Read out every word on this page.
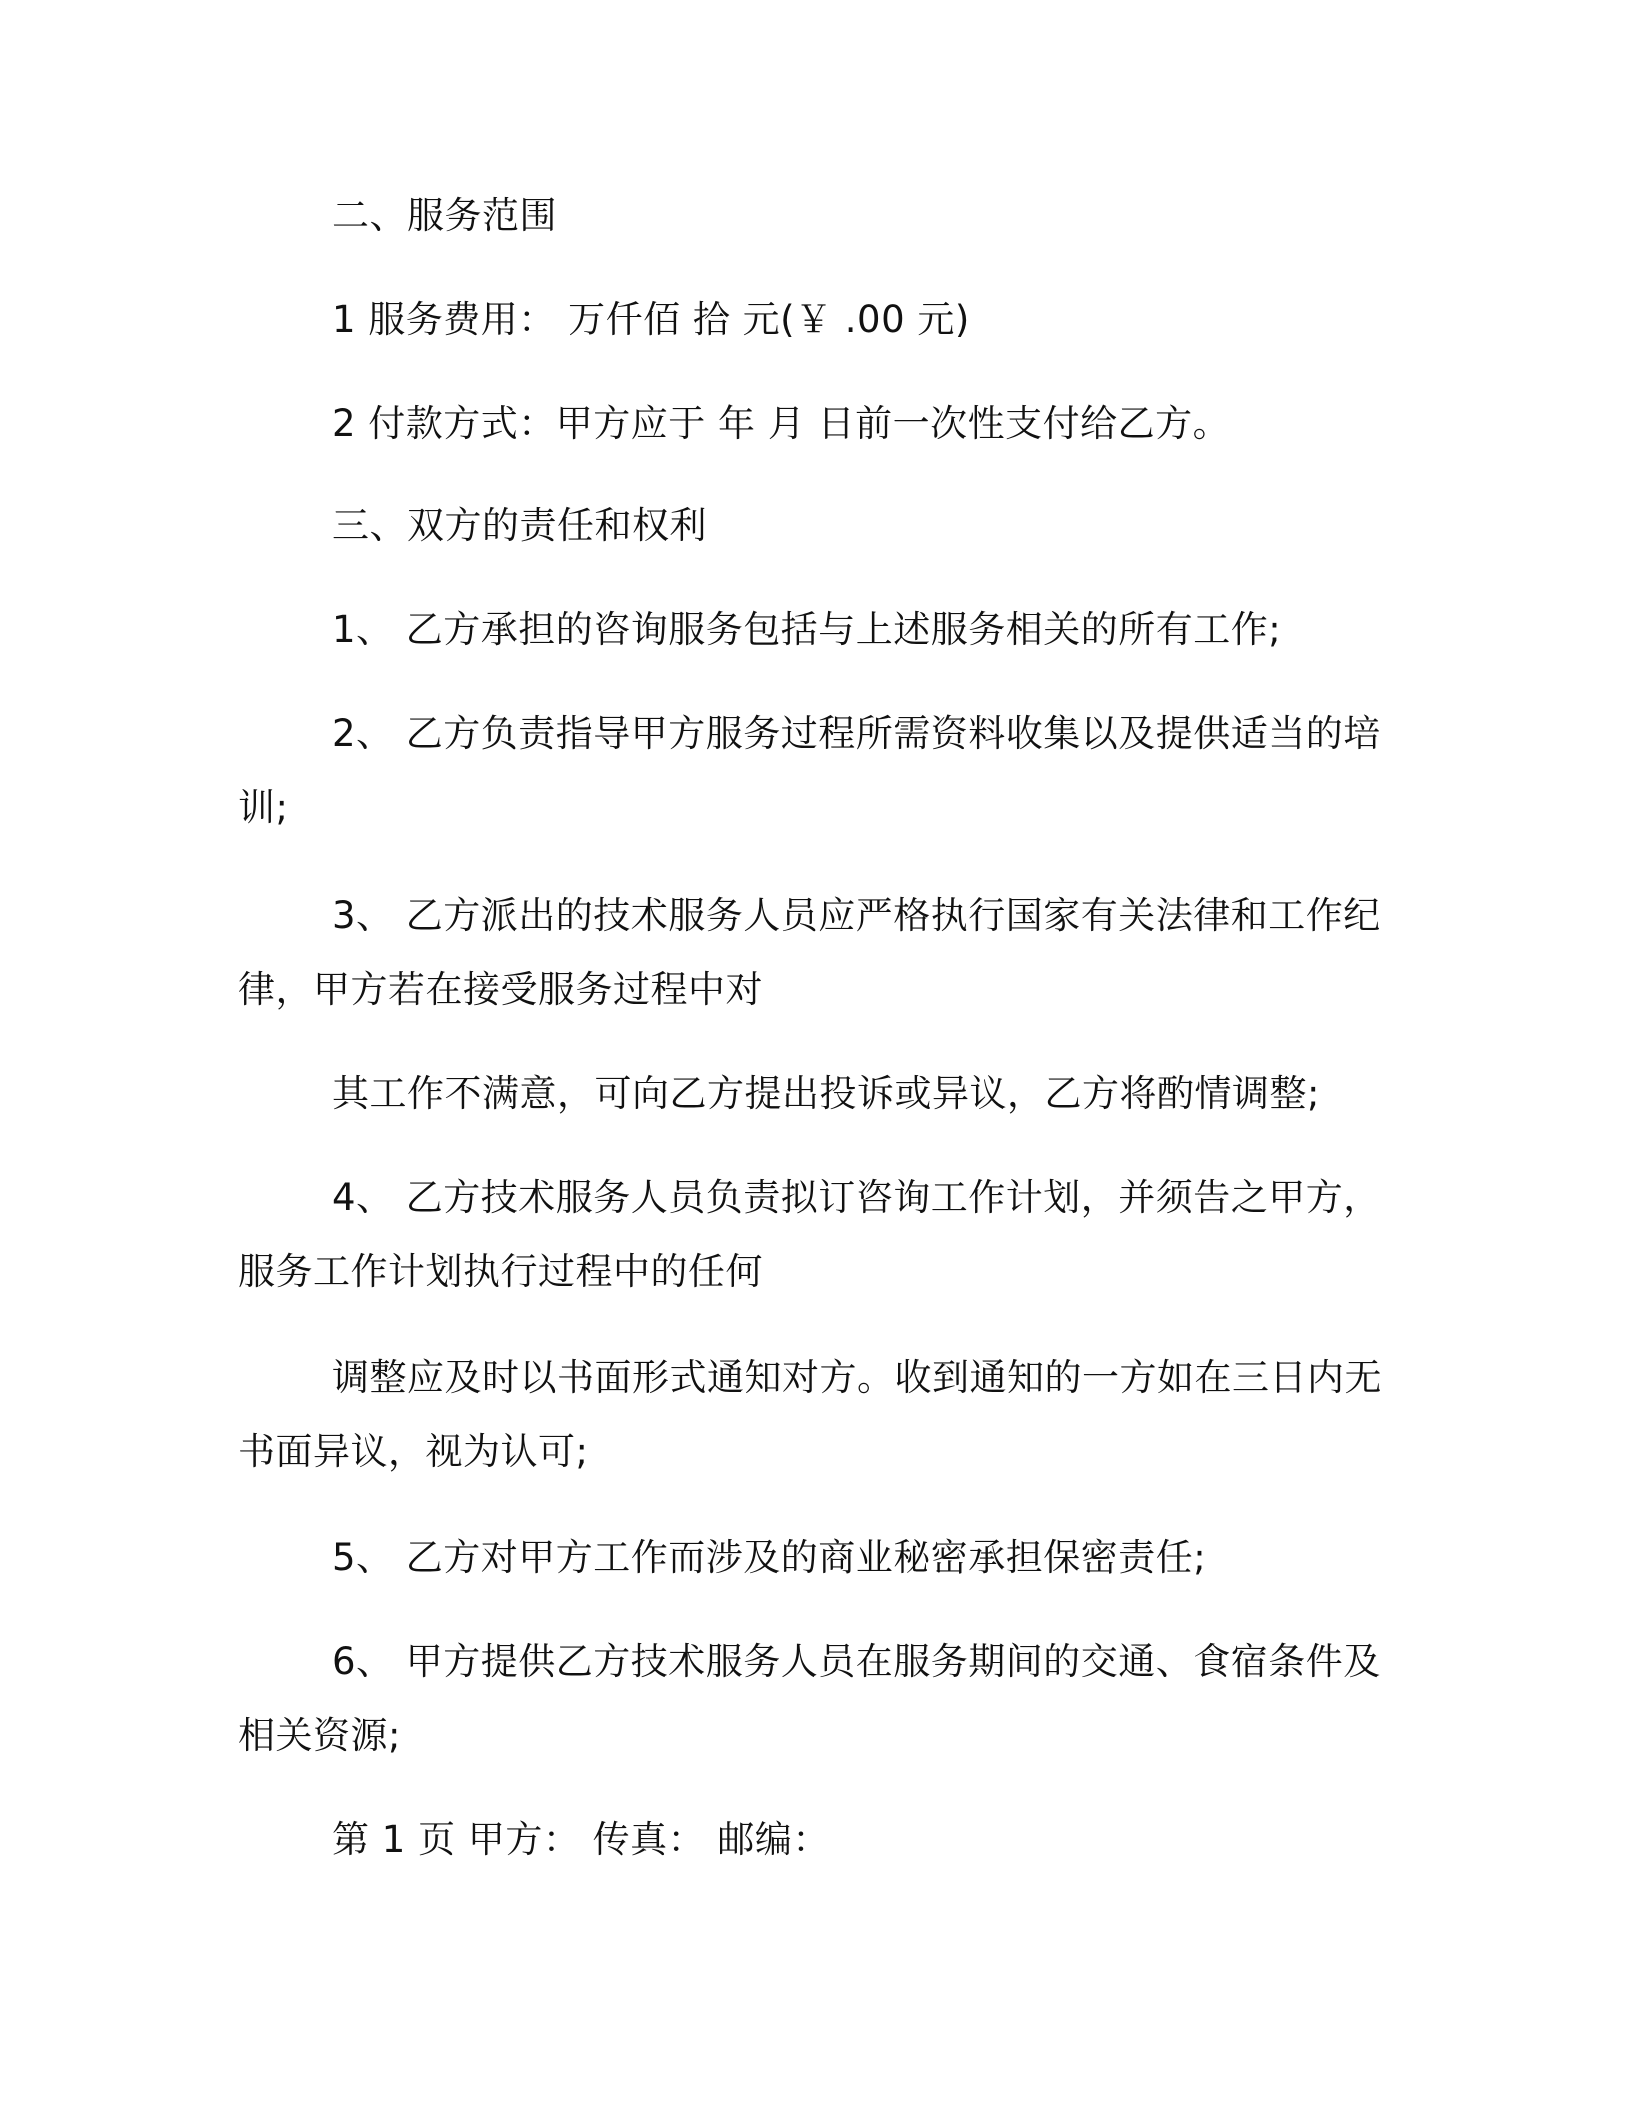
二、服务范围
1 服务费用： 万仟佰 拾 元(￥ .00 元)
2 付款方式：甲方应于 年 月 日前一次性支付给乙方。
三、双方的责任和权利
1、 乙方承担的咨询服务包括与上述服务相关的所有工作;
2、 乙方负责指导甲方服务过程所需资料收集以及提供适当的培
训;
3、 乙方派出的技术服务人员应严格执行国家有关法律和工作纪
律，甲方若在接受服务过程中对
其工作不满意，可向乙方提出投诉或异议，乙方将酌情调整;
4、 乙方技术服务人员负责拟订咨询工作计划，并须告之甲方，
服务工作计划执行过程中的任何
调整应及时以书面形式通知对方。收到通知的一方如在三日内无
书面异议，视为认可;
5、 乙方对甲方工作而涉及的商业秘密承担保密责任;
6、 甲方提供乙方技术服务人员在服务期间的交通、食宿条件及
相关资源;
第 1 页 甲方： 传真： 邮编：
